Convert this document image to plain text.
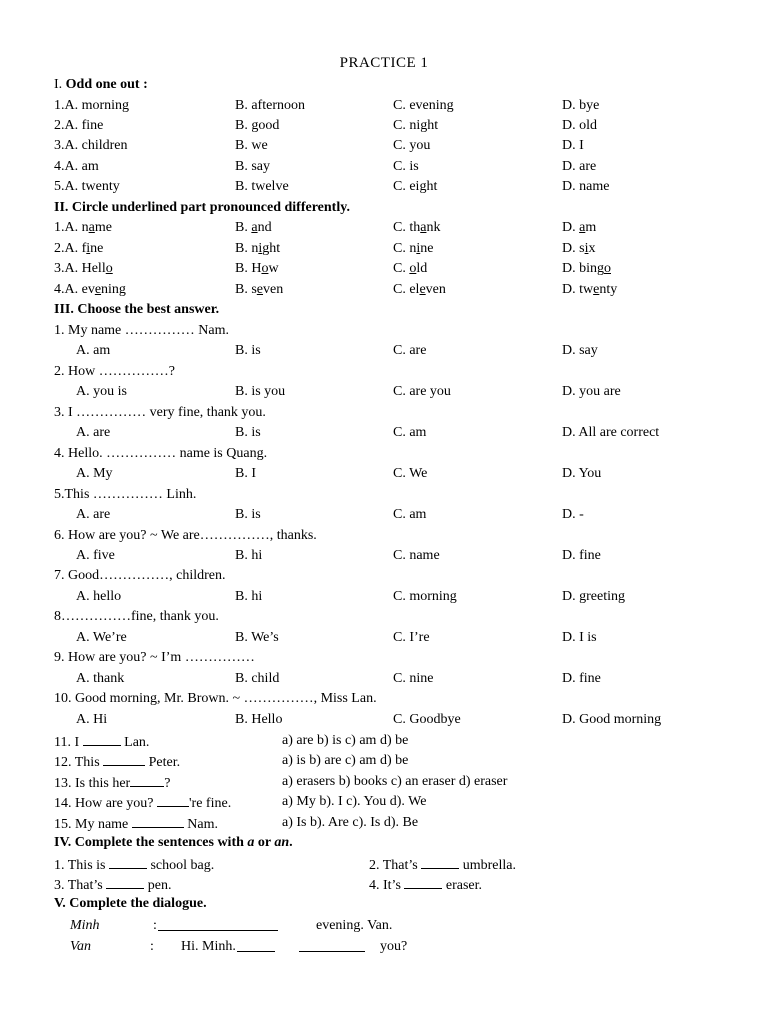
PRACTICE 1
I. Odd one out :
1.A. morning	B. afternoon	C. evening	D. bye
2.A. fine	B. good	C. night	D. old
3.A. children	B. we	C. you	D. I
4.A. am	B. say	C. is	D. are
5.A. twenty	B. twelve	C. eight	D. name
II. Circle underlined part pronounced differently.
1.A. name	B. and	C. thank	D. am
2.A. fine	B. night	C. nine	D. six
3.A. Hello	B. How	C. old	D. bingo
4.A. evening	B. seven	C. eleven	D. twenty
III. Choose the best answer.
1. My name …………… Nam.
A. am	B. is	C. are	D. say
2. How ……………?
A. you is	B. is you	C. are you	D. you are
3. I …………… very fine, thank you.
A. are	B. is	C. am	D. All are correct
4. Hello. …………… name is Quang.
A. My	B. I	C. We	D. You
5.This …………… Linh.
A. are	B. is	C. am	D. -
6. How are you? ~ We are……………, thanks.
A. five	B. hi	C. name	D. fine
7. Good……………, children.
A. hello	B. hi	C. morning	D. greeting
8……………fine, thank you.
A. We’re	B. We’s	C. I’re	D. I is
9. How are you? ~ I’m ……………
A. thank	B. child	C. nine	D. fine
10. Good morning, Mr. Brown. ~ ……………, Miss Lan.
A. Hi	B. Hello	C. Goodbye	D. Good morning
11. I	Lan.	a) are b) is c) am d) be
12. This	Peter.	a) is b) are c) am d) be
13. Is this her ?	a) erasers b) books c) an eraser d) eraser
14. How are you? 're fine.	a) My b). I c). You d). We
15. My name	Nam.	a) Is b). Are c). Is d). Be
IV. Complete the sentences with a or an.
1. This is	school bag.	2. That’s	umbrella.
3. That’s	pen.	4. It’s	eraser.
V. Complete the dialogue.
Minh	:	evening. Van.
Van	: Hi. Minh.	you?
